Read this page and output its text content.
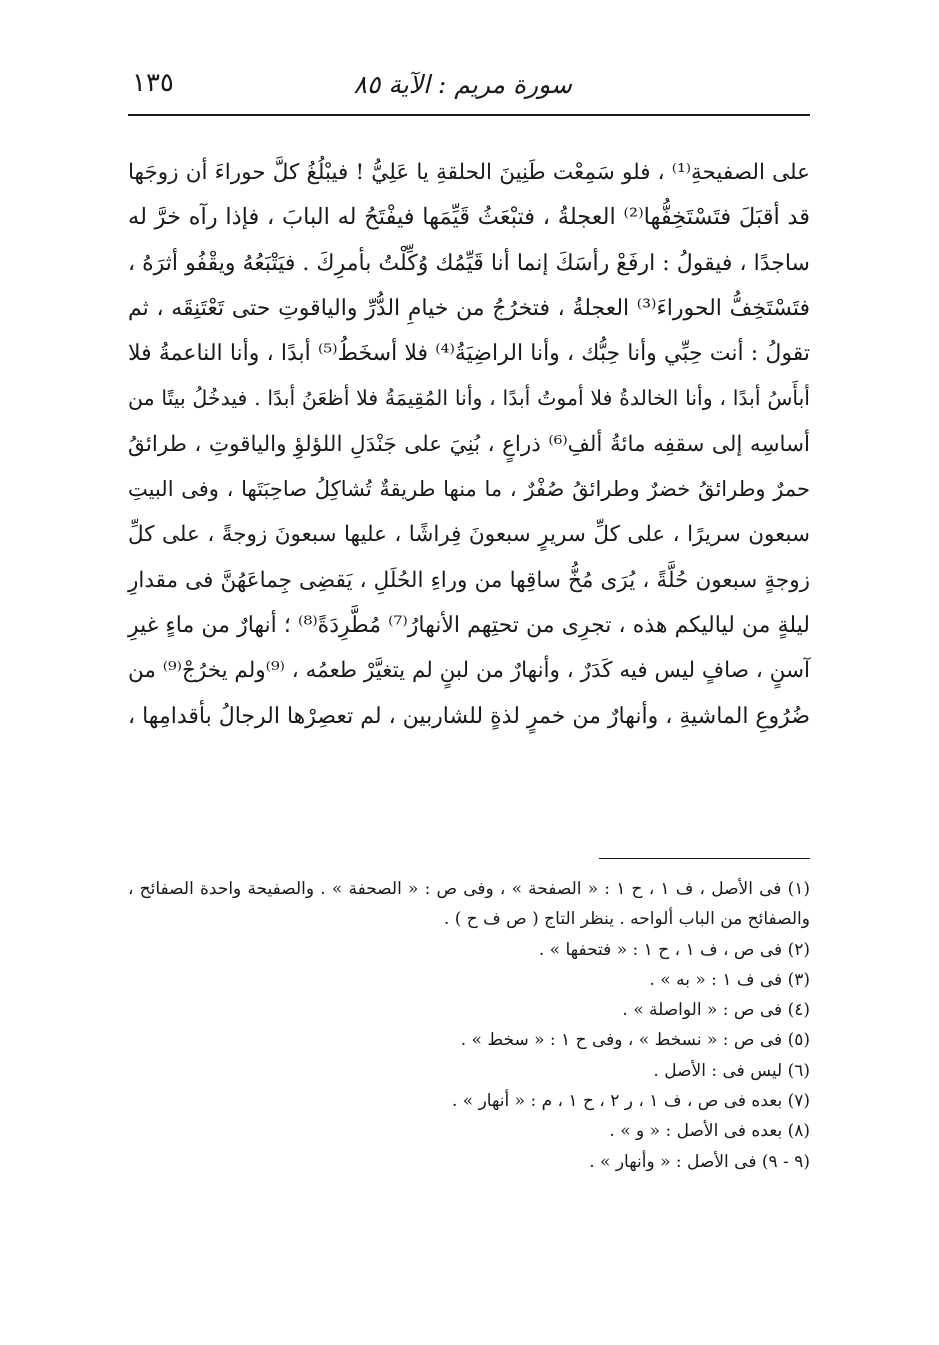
سورة مريم : الآية ٨٥
١٣٥
على الصفيحةِ⁽¹⁾ ، فلو سَمِعْت طَنِينَ الحلقةِ يا عَلِيُّ ! فيبْلُغُ كلَّ حوراءَ أن زوجَها
قد أقبَلَ فتَسْتَخِفُّها⁽²⁾ العجلةُ ، فتبْعَثُ قَيِّمَها فيفْتَحُ له البابَ ، فإذا رآه خرَّ له
ساجدًا ، فيقولُ : ارفَعْ رأسَكَ إنما أنا قَيِّمُك وُكِّلْتُ بأمرِكَ . فيَتْبَعُهُ ويقْفُو أثرَهُ ،
فتَسْتَخِفُّ الحوراءَ⁽³⁾ العجلةُ ، فتخرُجُ من خيامِ الدُّرِّ والياقوتِ حتى تَعْتَنِقَه ، ثم
تقولُ : أنت حِبِّي وأنا حِبُّك ، وأنا الراضِيَةُ⁽⁴⁾ فلا أسخَطُ⁽⁵⁾ أبدًا ، وأنا الناعمةُ فلا
أبأَسُ أبدًا ، وأنا الخالدةُ فلا أموتُ أبدًا ، وأنا المُقِيمَةُ فلا أظعَنُ أبدًا . فيدخُلُ بيتًا من
أساسِه إلى سقفِه مائةُ ألفِ⁽⁶⁾ ذراعٍ ، بُنِيَ على جَنْدَلِ اللؤلؤِ والياقوتِ ، طرائقُ
حمرٌ وطرائقُ خضرٌ وطرائقُ صُفْرٌ ، ما منها طريقةٌ تُشاكِلُ صاحِبَتَها ، وفى البيتِ
سبعون سريرًا ، على كلِّ سريرٍ سبعونَ فِراشًا ، عليها سبعونَ زوجةً ، على كلِّ
زوجةٍ سبعون حُلَّةً ، يُرَى مُخُّ ساقِها من وراءِ الحُلَلِ ، يَقضِى جِماعَهُنَّ فى مقدارِ
ليلةٍ من لياليكم هذه ، تجرِى من تحتِهم الأنهارُ⁽⁷⁾ مُطَّرِدَةً⁽⁸⁾ ؛ أنهارٌ من ماءٍ غيرِ
آسنٍ ، صافٍ ليس فيه كَدَرٌ ، وأنهارٌ من لبنٍ لم يتغيَّرْ طعمُه ، ⁽⁹⁾ولم يخرُجْ⁽⁹⁾ من
ضُرُوعِ الماشيةِ ، وأنهارٌ من خمرٍ لذةٍ للشاربين ، لم تعصِرْها الرجالُ بأقدامِها ،
(١) فى الأصل ، ف ١ ، ح ١ : « الصفحة » ، وفى ص : « الصحفة » . والصفيحة واحدة الصفائح ،
والصفائح من الباب ألواحه . ينظر التاج ( ص ف ح ) .
(٢) فى ص ، ف ١ ، ح ١ : « فتحفها » .
(٣) فى ف ١ : « به » .
(٤) فى ص : « الواصلة » .
(٥) فى ص : « نسخط » ، وفى ح ١ : « سخط » .
(٦) ليس فى : الأصل .
(٧) بعده فى ص ، ف ١ ، ر ٢ ، ح ١ ، م : « أنهار » .
(٨) بعده فى الأصل : « و » .
(٩ - ٩) فى الأصل : « وأنهار » .
